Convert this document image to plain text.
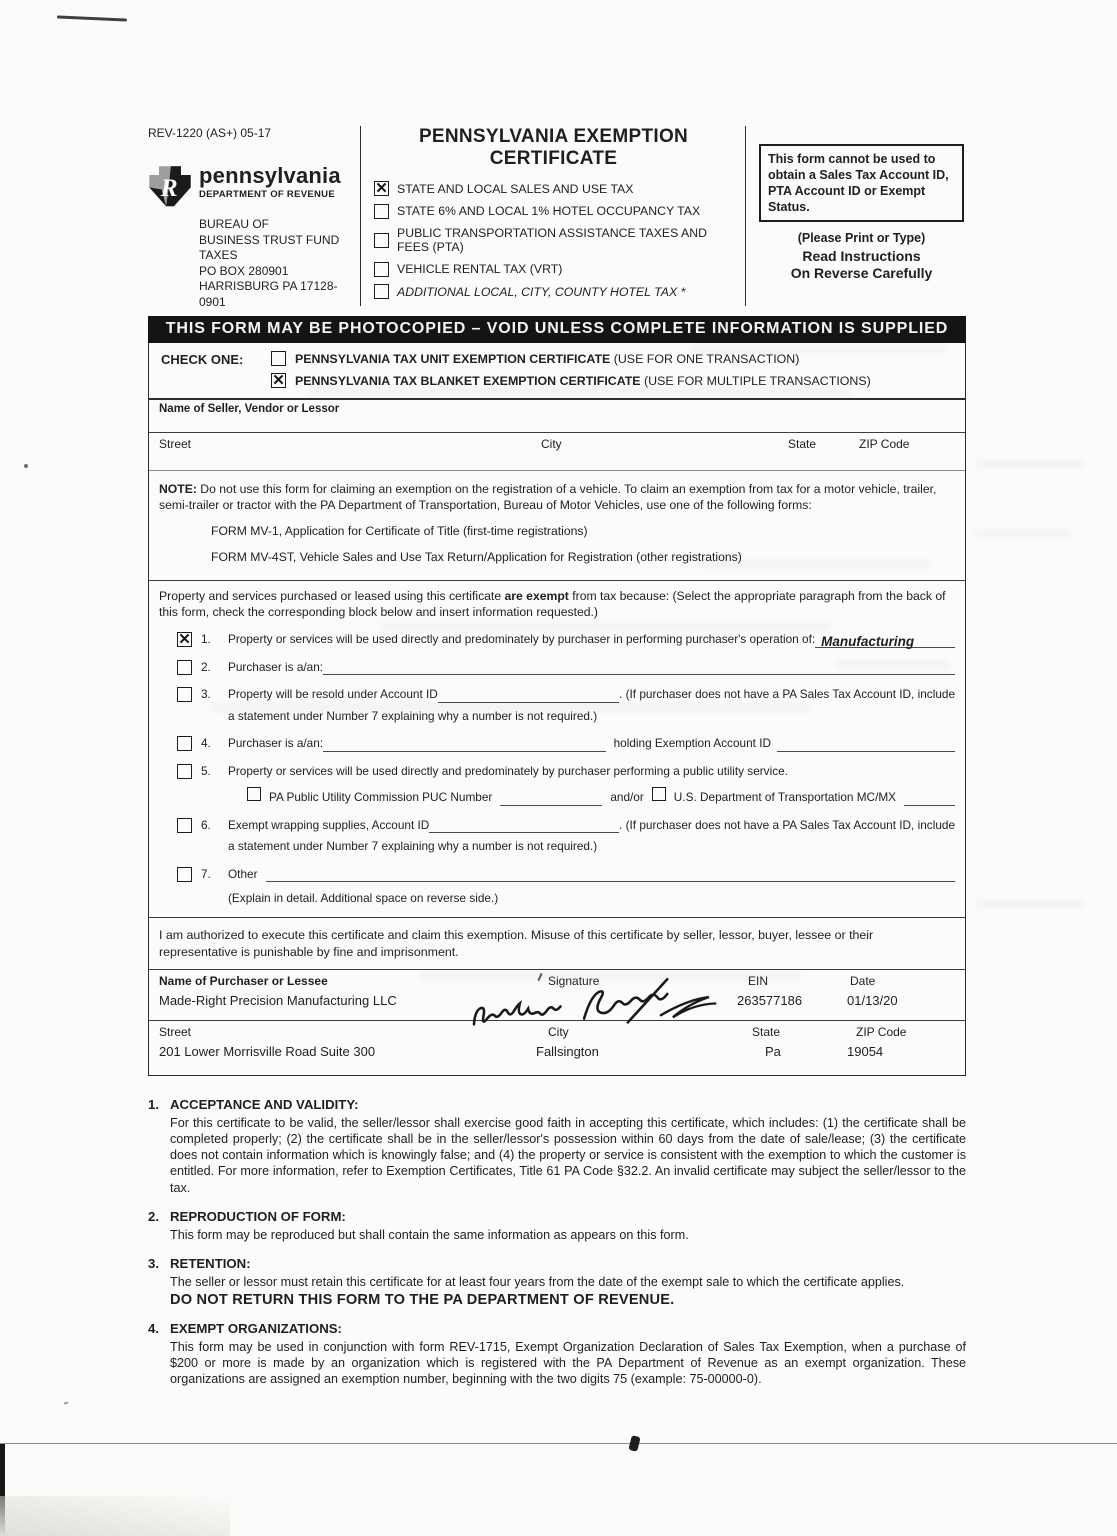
REV-1220 (AS+) 05-17
R pennsylvania
DEPARTMENT OF REVENUE
BUREAU OF
BUSINESS TRUST FUND TAXES
PO BOX 280901
HARRISBURG PA 17128-0901
PENNSYLVANIA EXEMPTION
CERTIFICATE
✕ STATE AND LOCAL SALES AND USE TAX
STATE 6% AND LOCAL 1% HOTEL OCCUPANCY TAX
PUBLIC TRANSPORTATION ASSISTANCE TAXES AND FEES (PTA)
VEHICLE RENTAL TAX (VRT)
ADDITIONAL LOCAL, CITY, COUNTY HOTEL TAX *
This form cannot be used to obtain a Sales Tax Account ID, PTA Account ID or Exempt Status.
(Please Print or Type)
Read Instructions
On Reverse Carefully
THIS FORM MAY BE PHOTOCOPIED – VOID UNLESS COMPLETE INFORMATION IS SUPPLIED
CHECK ONE:	PENNSYLVANIA TAX UNIT EXEMPTION CERTIFICATE (USE FOR ONE TRANSACTION)
✕ PENNSYLVANIA TAX BLANKET EXEMPTION CERTIFICATE (USE FOR MULTIPLE TRANSACTIONS)
Name of Seller, Vendor or Lessor
Street	City	State	ZIP Code
NOTE: Do not use this form for claiming an exemption on the registration of a vehicle. To claim an exemption from tax for a motor vehicle, trailer, semi-trailer or tractor with the PA Department of Transportation, Bureau of Motor Vehicles, use one of the following forms:
FORM MV-1, Application for Certificate of Title (first-time registrations)
FORM MV-4ST, Vehicle Sales and Use Tax Return/Application for Registration (other registrations)
Property and services purchased or leased using this certificate are exempt from tax because: (Select the appropriate paragraph from the back of this form, check the corresponding block below and insert information requested.)
✕ 1.	Property or services will be used directly and predominately by purchaser in performing purchaser's operation of: Manufacturing
2.	Purchaser is a/an:
3.	Property will be resold under Account ID	. (If purchaser does not have a PA Sales Tax Account ID, include
a statement under Number 7 explaining why a number is not required.)
4.	Purchaser is a/an:	holding Exemption Account ID
5.	Property or services will be used directly and predominately by purchaser performing a public utility service.
PA Public Utility Commission PUC Number	and/or	U.S. Department of Transportation MC/MX
6.	Exempt wrapping supplies, Account ID	. (If purchaser does not have a PA Sales Tax Account ID, include
a statement under Number 7 explaining why a number is not required.)
7.	Other
(Explain in detail. Additional space on reverse side.)
I am authorized to execute this certificate and claim this exemption. Misuse of this certificate by seller, lessor, buyer, lessee or their representative is punishable by fine and imprisonment.
Name of Purchaser or Lessee	Signature	EIN	Date
Made-Right Precision Manufacturing LLC	263577186	01/13/20
Street	City	State	ZIP Code
201 Lower Morrisville Road Suite 300	Fallsington	Pa	19054
1. ACCEPTANCE AND VALIDITY:
For this certificate to be valid, the seller/lessor shall exercise good faith in accepting this certificate, which includes: (1) the certificate shall be completed properly; (2) the certificate shall be in the seller/lessor's possession within 60 days from the date of sale/lease; (3) the certificate does not contain information which is knowingly false; and (4) the property or service is consistent with the exemption to which the customer is entitled. For more information, refer to Exemption Certificates, Title 61 PA Code §32.2. An invalid certificate may subject the seller/lessor to the tax.
2. REPRODUCTION OF FORM:
This form may be reproduced but shall contain the same information as appears on this form.
3. RETENTION:
The seller or lessor must retain this certificate for at least four years from the date of the exempt sale to which the certificate applies.
DO NOT RETURN THIS FORM TO THE PA DEPARTMENT OF REVENUE.
4. EXEMPT ORGANIZATIONS:
This form may be used in conjunction with form REV-1715, Exempt Organization Declaration of Sales Tax Exemption, when a purchase of $200 or more is made by an organization which is registered with the PA Department of Revenue as an exempt organization. These organizations are assigned an exemption number, beginning with the two digits 75 (example: 75-00000-0).
